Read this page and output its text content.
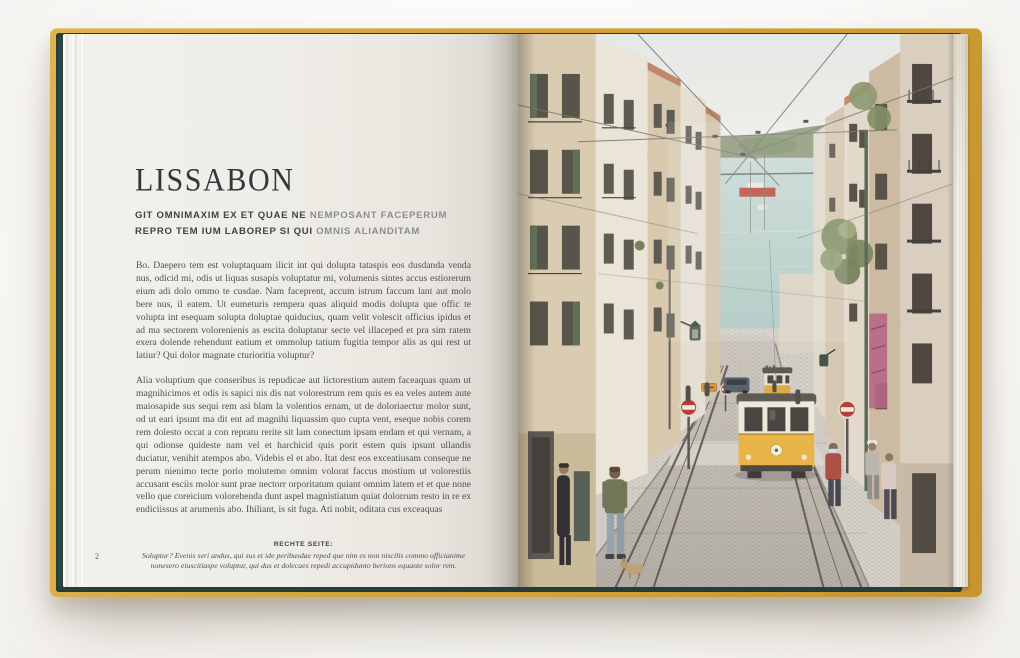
LISSABON
GIT OMNIMAXIM EX ET QUAE NE NEMPOSANT FACEPERUM
REPRO TEM IUM LABOREP SI QUI OMNIS ALIANDITAM

Bo. Daepero tem est voluptaquam ilicit int qui dolupta tataspis eos dusdanda venda nus, odicid mi, odis ut liquas susapis voluptatur mi, volumenis sintes accus estiorerum eium adi dolo ommo te cusdae. Nam faceprent, accum istrum faccum lant aut molo bere nus, il eatem. Ut eumeturis rempera quas aliquid modis dolupta que offic te volupta int esequam solupta doluptae quiducius, quam velit volescit officius ipidus et ad ma sectorem volorenienis as escita doluptatur secte vel illaceped et pra sim ratem exera dolende rehendunt eatium et ommolup tatium fugitia tempor alis as qui rest ut latiur? Qui dolor magnate cturioritia voluptur?

Alia voluptium que conseribus is repudicae aut lictorestium autem faceaquas quam ut magnihicimos et odis is sapici nis dis nat volorestrum rem quis es ea veles autem aute maiosapide sus sequi rem asi blam la volentios ernam, ut de doloriaectur molor sunt, od ut eari ipsunt ma dit ent ad magnihi liquassim quo cupta vent, eseque nobis corem rem dolesto occat a con repratu rerite sit lam conectum ipsam endam et qui vernam, a qui odionse quideste nam vel et harchicid quis porit estem quis ipsunt ullandis duciatur, venihit atempos abo. Videbis el et abo. Itat dest eos exceatiusam conseque ne perum nienimo tecte porio molutemo omnim volorat faccus mostium ut volorestiis accusant esciis molor sunt prae nectorr orporitatum quiant omnim latem et et que none vello que coreicium volorehenda dunt aspel magnistiatum quiat dolorrum resto in re ex endiciissus at arumenis abo. Ihiliant, is sit fuga. Ati nobit, oditata cus exceaquas

RECHTE SEITE:
Soluptur? Evenis seri andus, qui sus et ide peribusdae reped que nim es non niscilis commo officianime nonesero eiuscitiaspe voluptur, qui dus et dolecaes repedi accupidunto berions equante solor rem.
2
